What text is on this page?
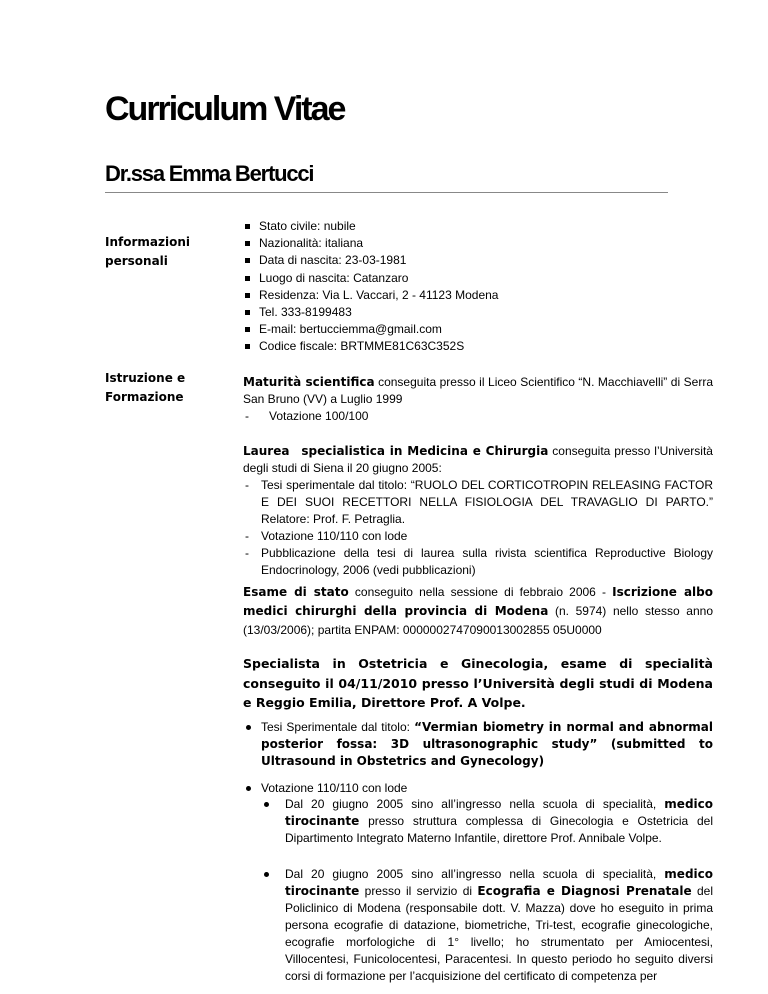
Curriculum Vitae
Dr.ssa Emma Bertucci
Informazioni
personali
Stato civile: nubile
Nazionalità: italiana
Data di nascita: 23-03-1981
Luogo di nascita: Catanzaro
Residenza: Via L. Vaccari, 2 - 41123 Modena
Tel. 333-8199483
E-mail: bertucciemma@gmail.com
Codice fiscale: BRTMME81C63C352S
Istruzione e
Formazione

Maturità scientifica conseguita presso il Liceo Scientifico “N. Macchiavelli” di Serra San Bruno (VV) a Luglio 1999

- Votazione 100/100

Laurea specialistica in Medicina e Chirurgia conseguita presso l’Università degli studi di Siena il 20 giugno 2005:

- Tesi sperimentale dal titolo: “RUOLO DEL CORTICOTROPIN RELEASING FACTOR E DEI SUOI RECETTORI NELLA FISIOLOGIA DEL TRAVAGLIO DI PARTO.” Relatore: Prof. F. Petraglia.
- Votazione 110/110 con lode
- Pubblicazione della tesi di laurea sulla rivista scientifica Reproductive Biology Endocrinology, 2006 (vedi pubblicazioni)

Esame di stato conseguito nella sessione di febbraio 2006 - Iscrizione albo medici chirurghi della provincia di Modena (n. 5974) nello stesso anno (13/03/2006); partita ENPAM: 0000002747090013002855 05U0000

Specialista in Ostetricia e Ginecologia, esame di specialità conseguito il 04/11/2010 presso l’Università degli studi di Modena e Reggio Emilia, Direttore Prof. A Volpe.

Tesi Sperimentale dal titolo: “Vermian biometry in normal and abnormal posterior fossa: 3D ultrasonographic study” (submitted to Ultrasound in Obstetrics and Gynecology)
Votazione 110/110 con lode
Dal 20 giugno 2005 sino all’ingresso nella scuola di specialità, medico tirocinante presso struttura complessa di Ginecologia e Ostetricia del Dipartimento Integrato Materno Infantile, direttore Prof. Annibale Volpe.
Dal 20 giugno 2005 sino all’ingresso nella scuola di specialità, medico tirocinante presso il servizio di Ecografia e Diagnosi Prenatale del Policlinico di Modena (responsabile dott. V. Mazza) dove ho eseguito in prima persona ecografie di datazione, biometriche, Tri-test, ecografie ginecologiche, ecografie morfologiche di 1° livello; ho strumentato per Amiocentesi, Villocentesi, Funicolocentesi, Paracentesi. In questo periodo ho seguito diversi corsi di formazione per l’acquisizione del certificato di competenza per
